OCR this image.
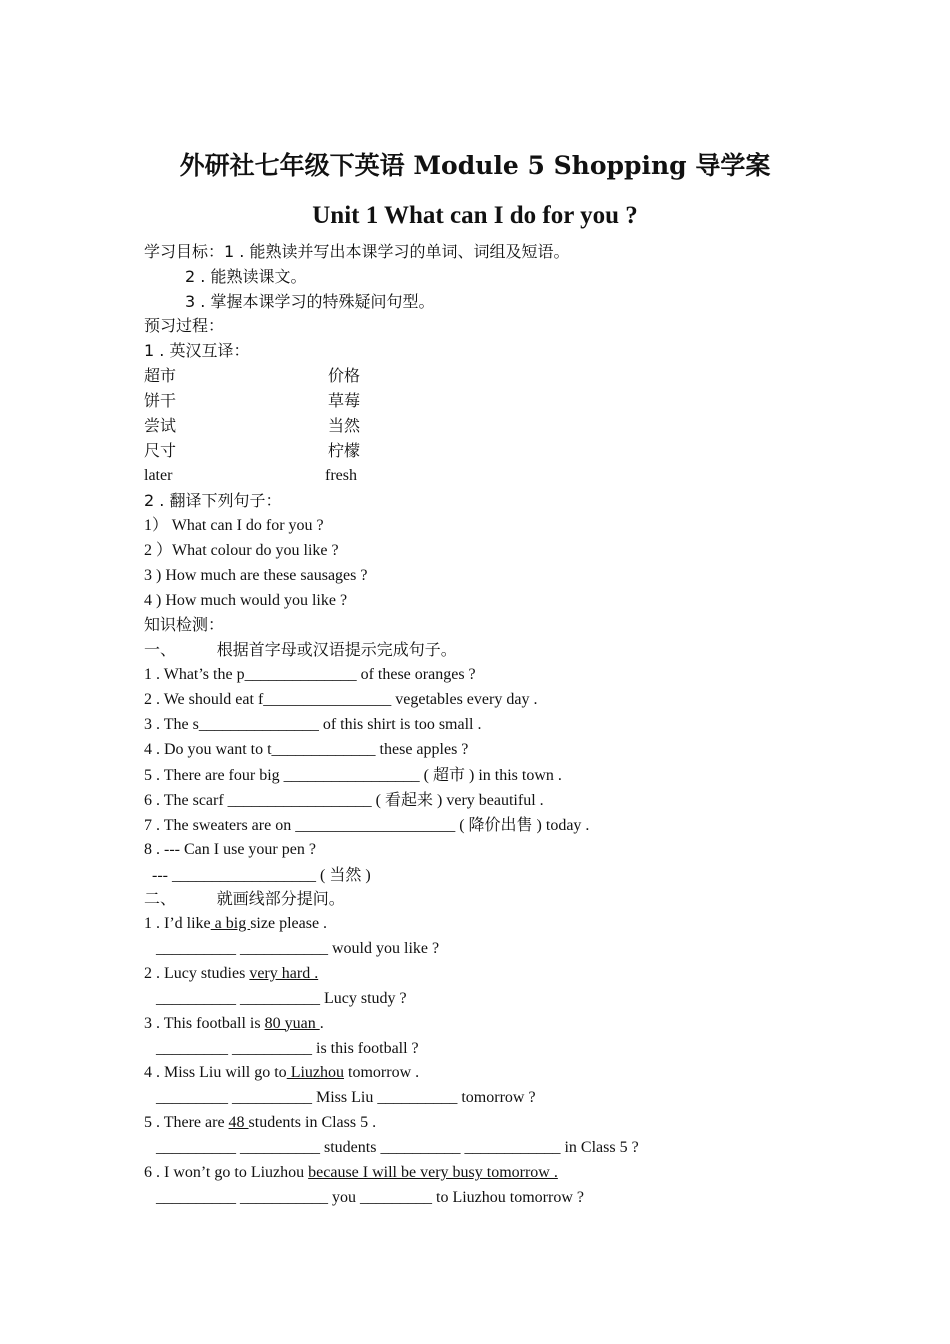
外研社七年级下英语 Module 5 Shopping 导学案
Unit 1 What can I do for you ?
学习目标：1 . 能熟读并写出本课学习的单词、词组及短语。
2 . 能熟读课文。
3 . 掌握本课学习的特殊疑问句型。
预习过程：
1 . 英汉互译：
超市	价格
饼干	草莓
尝试	当然
尺寸	柠檬
later	fresh
2 . 翻译下列句子：
1） What can I do for you ?
2 ）What colour do you like ?
3 ) How much are these sausages ?
4 ) How much would you like ?
知识检测：
一、        根据首字母或汉语提示完成句子。
1 . What’s the p______________ of these oranges ?
2 . We should eat f________________ vegetables every day .
3 . The s_______________ of this shirt is too small .
4 . Do you want to t_____________ these apples ?
5 . There are four big _________________ ( 超市 ) in this town .
6 . The scarf __________________ ( 看起来 ) very beautiful .
7 . The sweaters are on ____________________ ( 降价出售 ) today .
8 . --- Can I use your pen ?
--- __________________ ( 当然 )
二、        就画线部分提问。
1 . I’d like a big size please .
__________ ___________ would you like ?
2 . Lucy studies very hard .
__________ __________ Lucy study ?
3 . This football is 80 yuan .
_________ __________ is this football ?
4 . Miss Liu will go to Liuzhou tomorrow .
_________ __________ Miss Liu __________ tomorrow ?
5 . There are 48 students in Class 5 .
__________ __________ students __________ ____________ in Class 5 ?
6 . I won’t go to Liuzhou because I will be very busy tomorrow .
__________ ___________ you _________ to Liuzhou tomorrow ?
